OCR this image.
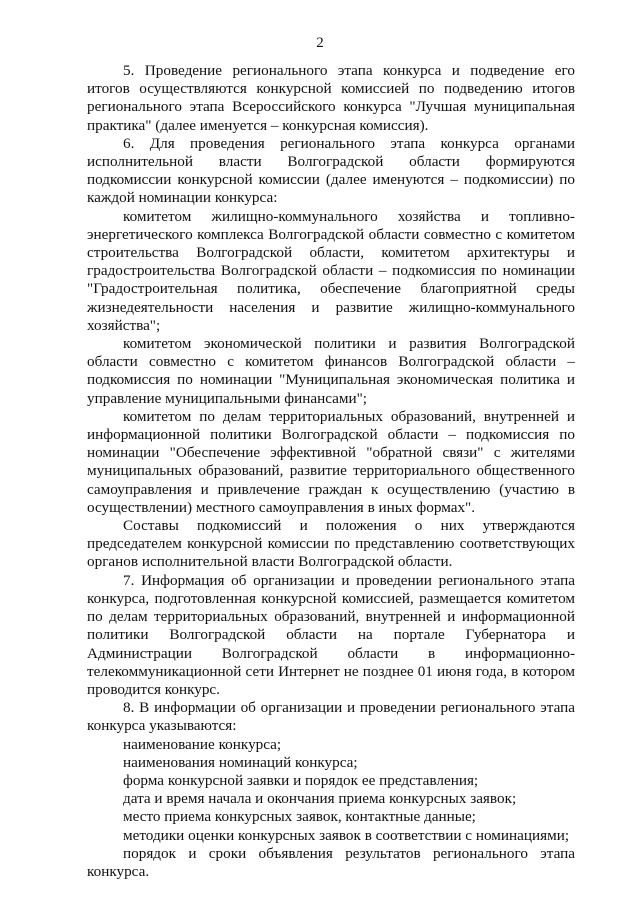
2

5. Проведение регионального этапа конкурса и подведение его итогов осуществляются конкурсной комиссией по подведению итогов регионального этапа Всероссийского конкурса "Лучшая муниципальная практика" (далее именуется – конкурсная комиссия).

6. Для проведения регионального этапа конкурса органами исполнительной власти Волгоградской области формируются подкомиссии конкурсной комиссии (далее именуются – подкомиссии) по каждой номинации конкурса:

комитетом жилищно-коммунального хозяйства и топливно-энергетического комплекса Волгоградской области совместно с комитетом строительства Волгоградской области, комитетом архитектуры и градостроительства Волгоградской области – подкомиссия по номинации "Градостроительная политика, обеспечение благоприятной среды жизнедеятельности населения и развитие жилищно-коммунального хозяйства";

комитетом экономической политики и развития Волгоградской области совместно с комитетом финансов Волгоградской области – подкомиссия по номинации "Муниципальная экономическая политика и управление муниципальными финансами";

комитетом по делам территориальных образований, внутренней и информационной политики Волгоградской области – подкомиссия по номинации "Обеспечение эффективной "обратной связи" с жителями муниципальных образований, развитие территориального общественного самоуправления и привлечение граждан к осуществлению (участию в осуществлении) местного самоуправления в иных формах".

Составы подкомиссий и положения о них утверждаются председателем конкурсной комиссии по представлению соответствующих органов исполнительной власти Волгоградской области.

7. Информация об организации и проведении регионального этапа конкурса, подготовленная конкурсной комиссией, размещается комитетом по делам территориальных образований, внутренней и информационной политики Волгоградской области на портале Губернатора и Администрации Волгоградской области в информационно-телекоммуникационной сети Интернет не позднее 01 июня года, в котором проводится конкурс.

8. В информации об организации и проведении регионального этапа конкурса указываются:

наименование конкурса;

наименования номинаций конкурса;

форма конкурсной заявки и порядок ее представления;

дата и время начала и окончания приема конкурсных заявок;

место приема конкурсных заявок, контактные данные;

методики оценки конкурсных заявок в соответствии с номинациями;

порядок и сроки объявления результатов регионального этапа конкурса.
